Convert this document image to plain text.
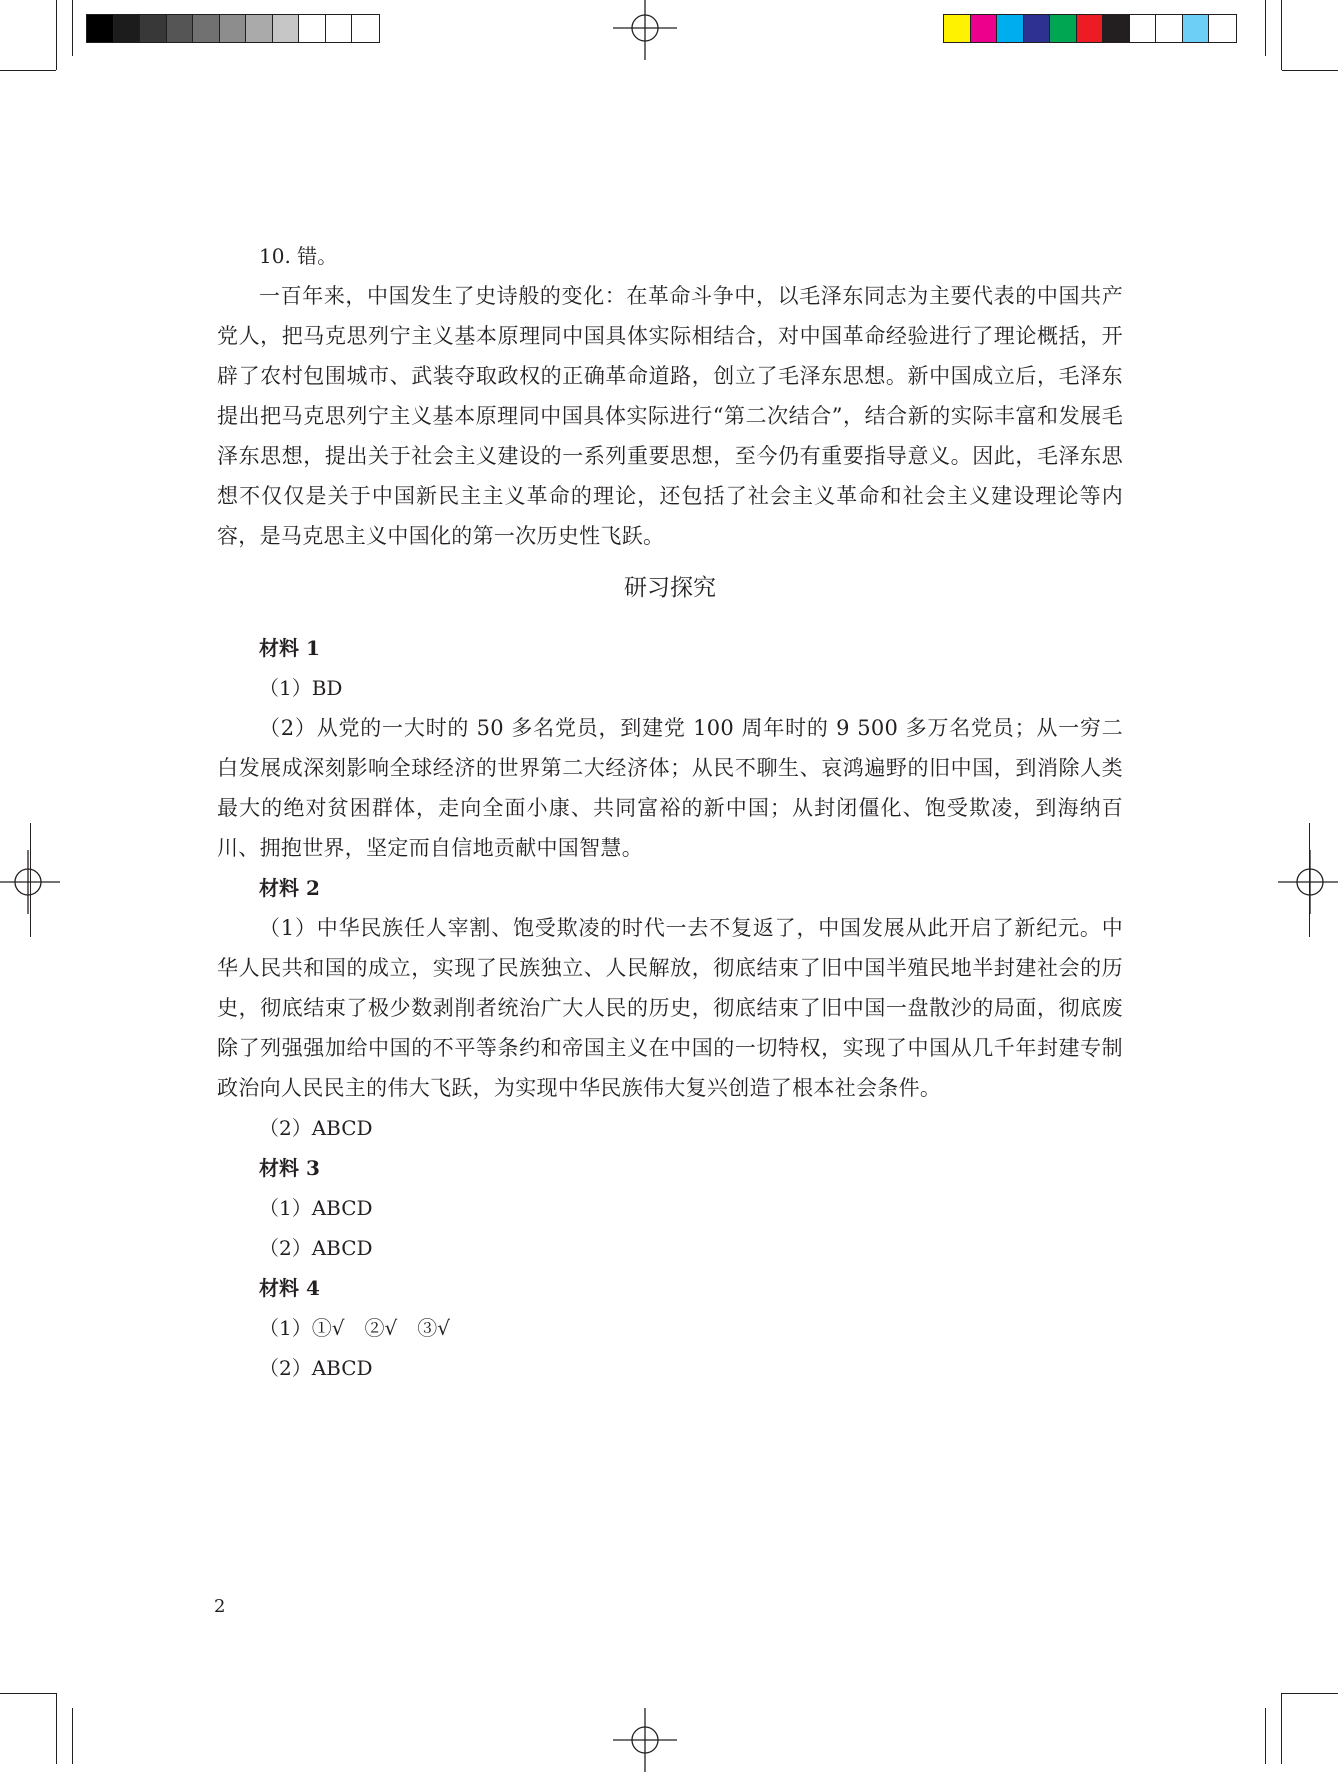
10. 错。

一百年来，中国发生了史诗般的变化：在革命斗争中，以毛泽东同志为主要代表的中国共产党人，把马克思列宁主义基本原理同中国具体实际相结合，对中国革命经验进行了理论概括，开辟了农村包围城市、武装夺取政权的正确革命道路，创立了毛泽东思想。新中国成立后，毛泽东提出把马克思列宁主义基本原理同中国具体实际进行“第二次结合”，结合新的实际丰富和发展毛泽东思想，提出关于社会主义建设的一系列重要思想，至今仍有重要指导意义。因此，毛泽东思想不仅仅是关于中国新民主主义革命的理论，还包括了社会主义革命和社会主义建设理论等内容，是马克思主义中国化的第一次历史性飞跃。

研习探究

材料 1

（1）BD

（2）从党的一大时的 50 多名党员，到建党 100 周年时的 9 500 多万名党员；从一穷二白发展成深刻影响全球经济的世界第二大经济体；从民不聊生、哀鸿遍野的旧中国，到消除人类最大的绝对贫困群体，走向全面小康、共同富裕的新中国；从封闭僵化、饱受欺凌，到海纳百川、拥抱世界，坚定而自信地贡献中国智慧。

材料 2

（1）中华民族任人宰割、饱受欺凌的时代一去不复返了，中国发展从此开启了新纪元。中华人民共和国的成立，实现了民族独立、人民解放，彻底结束了旧中国半殖民地半封建社会的历史，彻底结束了极少数剥削者统治广大人民的历史，彻底结束了旧中国一盘散沙的局面，彻底废除了列强强加给中国的不平等条约和帝国主义在中国的一切特权，实现了中国从几千年封建专制政治向人民民主的伟大飞跃，为实现中华民族伟大复兴创造了根本社会条件。

（2）ABCD

材料 3

（1）ABCD

（2）ABCD

材料 4

（1）①√　②√　③√

（2）ABCD

2
